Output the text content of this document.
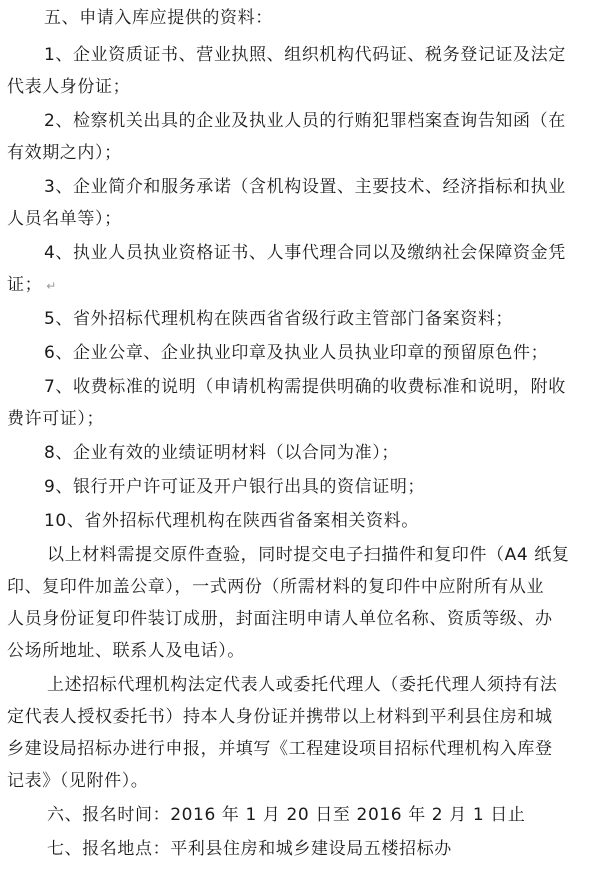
五、申请入库应提供的资料：
1、企业资质证书、营业执照、组织机构代码证、税务登记证及法定
代表人身份证；
2、检察机关出具的企业及执业人员的行贿犯罪档案查询告知函（在
有效期之内）；
3、企业简介和服务承诺（含机构设置、主要技术、经济指标和执业
人员名单等）；
4、执业人员执业资格证书、人事代理合同以及缴纳社会保障资金凭
证； ↵
5、省外招标代理机构在陕西省省级行政主管部门备案资料；
6、企业公章、企业执业印章及执业人员执业印章的预留原色件；
7、收费标准的说明（申请机构需提供明确的收费标准和说明，附收
费许可证）；
8、企业有效的业绩证明材料（以合同为准）；
9、银行开户许可证及开户银行出具的资信证明；
10、省外招标代理机构在陕西省备案相关资料。
以上材料需提交原件查验，同时提交电子扫描件和复印件（A4 纸复
印、复印件加盖公章），一式两份（所需材料的复印件中应附所有从业
人员身份证复印件装订成册，封面注明申请人单位名称、资质等级、办
公场所地址、联系人及电话）。
上述招标代理机构法定代表人或委托代理人（委托代理人须持有法
定代表人授权委托书）持本人身份证并携带以上材料到平利县住房和城
乡建设局招标办进行申报，并填写《工程建设项目招标代理机构入库登
记表》（见附件）。
六、报名时间：2016 年 1 月 20 日至 2016 年 2 月 1 日止
七、报名地点：平利县住房和城乡建设局五楼招标办
